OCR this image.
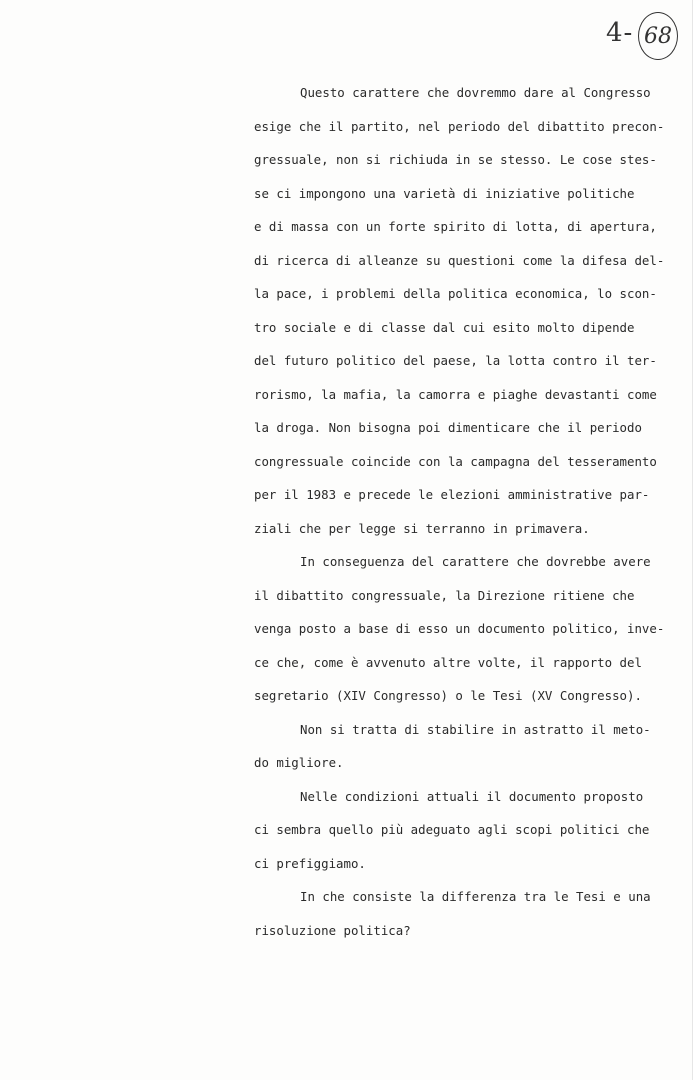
4- 68
Questo carattere che dovremmo dare al Congresso
esige che il partito, nel periodo del dibattito precon-
gressuale, non si richiuda in se stesso. Le cose stes-
se ci impongono una varietà di iniziative politiche
e di massa con un forte spirito di lotta, di apertura,
di ricerca di alleanze su questioni come la difesa del-
la pace, i problemi della politica economica, lo scon-
tro sociale e di classe dal cui esito molto dipende
del futuro politico del paese, la lotta contro il ter-
rorismo, la mafia, la camorra e piaghe devastanti come
la droga. Non bisogna poi dimenticare che il periodo
congressuale coincide con la campagna del tesseramento
per il 1983 e precede le elezioni amministrative par-
ziali che per legge si terranno in primavera.
In conseguenza del carattere che dovrebbe avere
il dibattito congressuale, la Direzione ritiene che
venga posto a base di esso un documento politico, inve-
ce che, come è avvenuto altre volte, il rapporto del
segretario (XIV Congresso) o le Tesi (XV Congresso).
Non si tratta di stabilire in astratto il meto-
do migliore.
Nelle condizioni attuali il documento proposto
ci sembra quello più adeguato agli scopi politici che
ci prefiggiamo.
In che consiste la differenza tra le Tesi e una
risoluzione politica?
